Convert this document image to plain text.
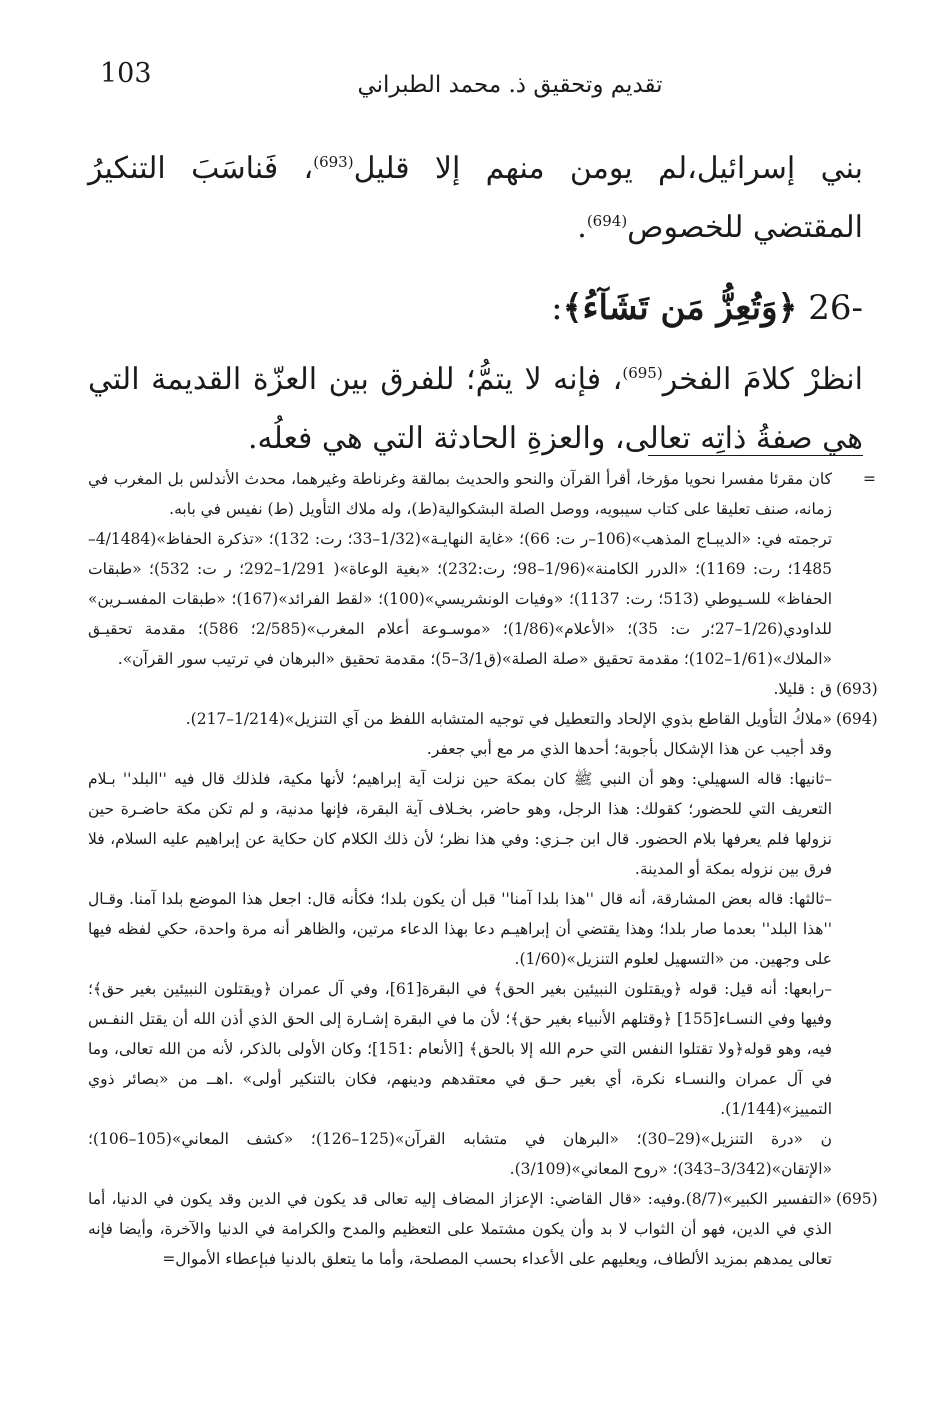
103	تقديم وتحقيق ذ. محمد الطبراني

بني إسرائيل،لم يومن منهم إلا قليل$^{(693)}$، فَناسَبَ التنكيرُ المقتضي للخصوص$^{(694)}$.

26- ﴿وَتُعِزُّ مَن تَشَآءُ﴾:

انظرْ كلامَ الفخر$^{(695)}$، فإنه لا يتمُّ؛ للفرق بين العزّة القديمة التي هي صفةُ ذاتِه تعالى، والعزةِ الحادثة التي هي فعلُه.

=
كان مقرئا مفسرا نحويا مؤرخا، أقرأ القرآن والنحو والحديث بمالقة وغرناطة وغيرهما، محدث الأندلس بل المغرب في زمانه، صنف تعليقا على كتاب سيبويه، ووصل الصلة البشكوالية(ط)، وله ملاك التأويل (ط) نفيس في بابه.
ترجمته في: «الديبـاج المذهب»(106–ر ت: 66)؛ «غاية النهايـة»(1/32–33؛ رت: 132)؛ «تذكرة الحفاظ»(4/1484–1485؛ رت: 1169)؛ «الدرر الكامنة»(1/96–98؛ رت:232)؛ «بغية الوعاة»( 1/291–292؛ ر ت: 532)؛ «طبقات الحفاظ» للسـيوطي (513؛ رت: 1137)؛ «وفيات الونشريسي»(100)؛ «لقط الفرائد»(167)؛ «طبقات المفسـرين» للداودي(1/26–27؛ر ت: 35)؛ «الأعلام»(1/86)؛ «موسـوعة أعلام المغرب»(2/585؛ 586)؛ مقدمة تحقيـق «الملاك»(1/61–102)؛ مقدمة تحقيق «صلة الصلة»(ق3/1–5)؛ مقدمة تحقيق «البرهان في ترتيب سور القرآن».
(693)
ق : قليلا.
(694)
«ملاكُ التأويل القاطع بذوي الإلحاد والتعطيل في توجيه المتشابه اللفظ من آي التنزيل»(1/214–217).
وقد أجيب عن هذا الإشكال بأجوبة؛ أحدها الذي مر مع أبي جعفر.
–ثانيها: قاله السهيلي: وهو أن النبي ﷺ كان بمكة حين نزلت آية إبراهيم؛ لأنها مكية، فلذلك قال فيه ''البلد'' بـلام التعريف التي للحضور؛ كقولك: هذا الرجل، وهو حاضر، بخـلاف آية البقرة، فإنها مدنية، و لم تكن مكة حاضـرة حين نزولها فلم يعرفها بلام الحضور. قال ابن جـزي: وفي هذا نظر؛ لأن ذلك الكلام كان حكاية عن إبراهيم عليه السلام، فلا فرق بين نزوله بمكة أو المدينة.
–ثالثها: قاله بعض المشارقة، أنه قال ''هذا بلدا آمنا'' قبل أن يكون بلدا؛ فكأنه قال: اجعل هذا الموضع بلدا آمنا. وقـال ''هذا البلد'' بعدما صار بلدا؛ وهذا يقتضي أن إبراهيـم دعا بهذا الدعاء مرتين، والظاهر أنه مرة واحدة، حكي لفظه فيها على وجهين. من «التسهيل لعلوم التنزيل»(1/60).
–رابعها: أنه قيل: قوله ﴿ويقتلون النبيئين بغير الحق﴾ في البقرة[61]، وفي آل عمران ﴿ويقتلون النبيئين بغير حق﴾؛ وفيها وفي النسـاء[155] ﴿وقتلهم الأنبياء بغير حق﴾؛ لأن ما في البقرة إشـارة إلى الحق الذي أذن الله أن يقتل النفـس فيه، وهو قوله﴿ولا تقتلوا النفس التي حرم الله إلا بالحق﴾ [الأنعام :151]؛ وكان الأولى بالذكر، لأنه من الله تعالى، وما في آل عمران والنسـاء نكرة، أي بغير حـق في معتقدهم ودينهم، فكان بالتنكير أولى» .اهــ من «بصائر ذوي التمييز»(1/144).
ن «درة التنزيل»(29–30)؛ «البرهان في متشابه القرآن»(125–126)؛ «كشف المعاني»(105–106)؛ «الإتقان»(3/342–343)؛ «روح المعاني»(3/109).
(695)
«التفسير الكبير»(8/7).وفيه: «قال القاضي: الإعزاز المضاف إليه تعالى قد يكون في الدين وقد يكون في الدنيا، أما الذي في الدين، فهو أن الثواب لا بد وأن يكون مشتملا على التعظيم والمدح والكرامة في الدنيا والآخرة، وأيضا فإنه تعالى يمدهم بمزيد الألطاف، ويعليهم على الأعداء بحسب المصلحة، وأما ما يتعلق بالدنيا فبإعطاء الأموال=
